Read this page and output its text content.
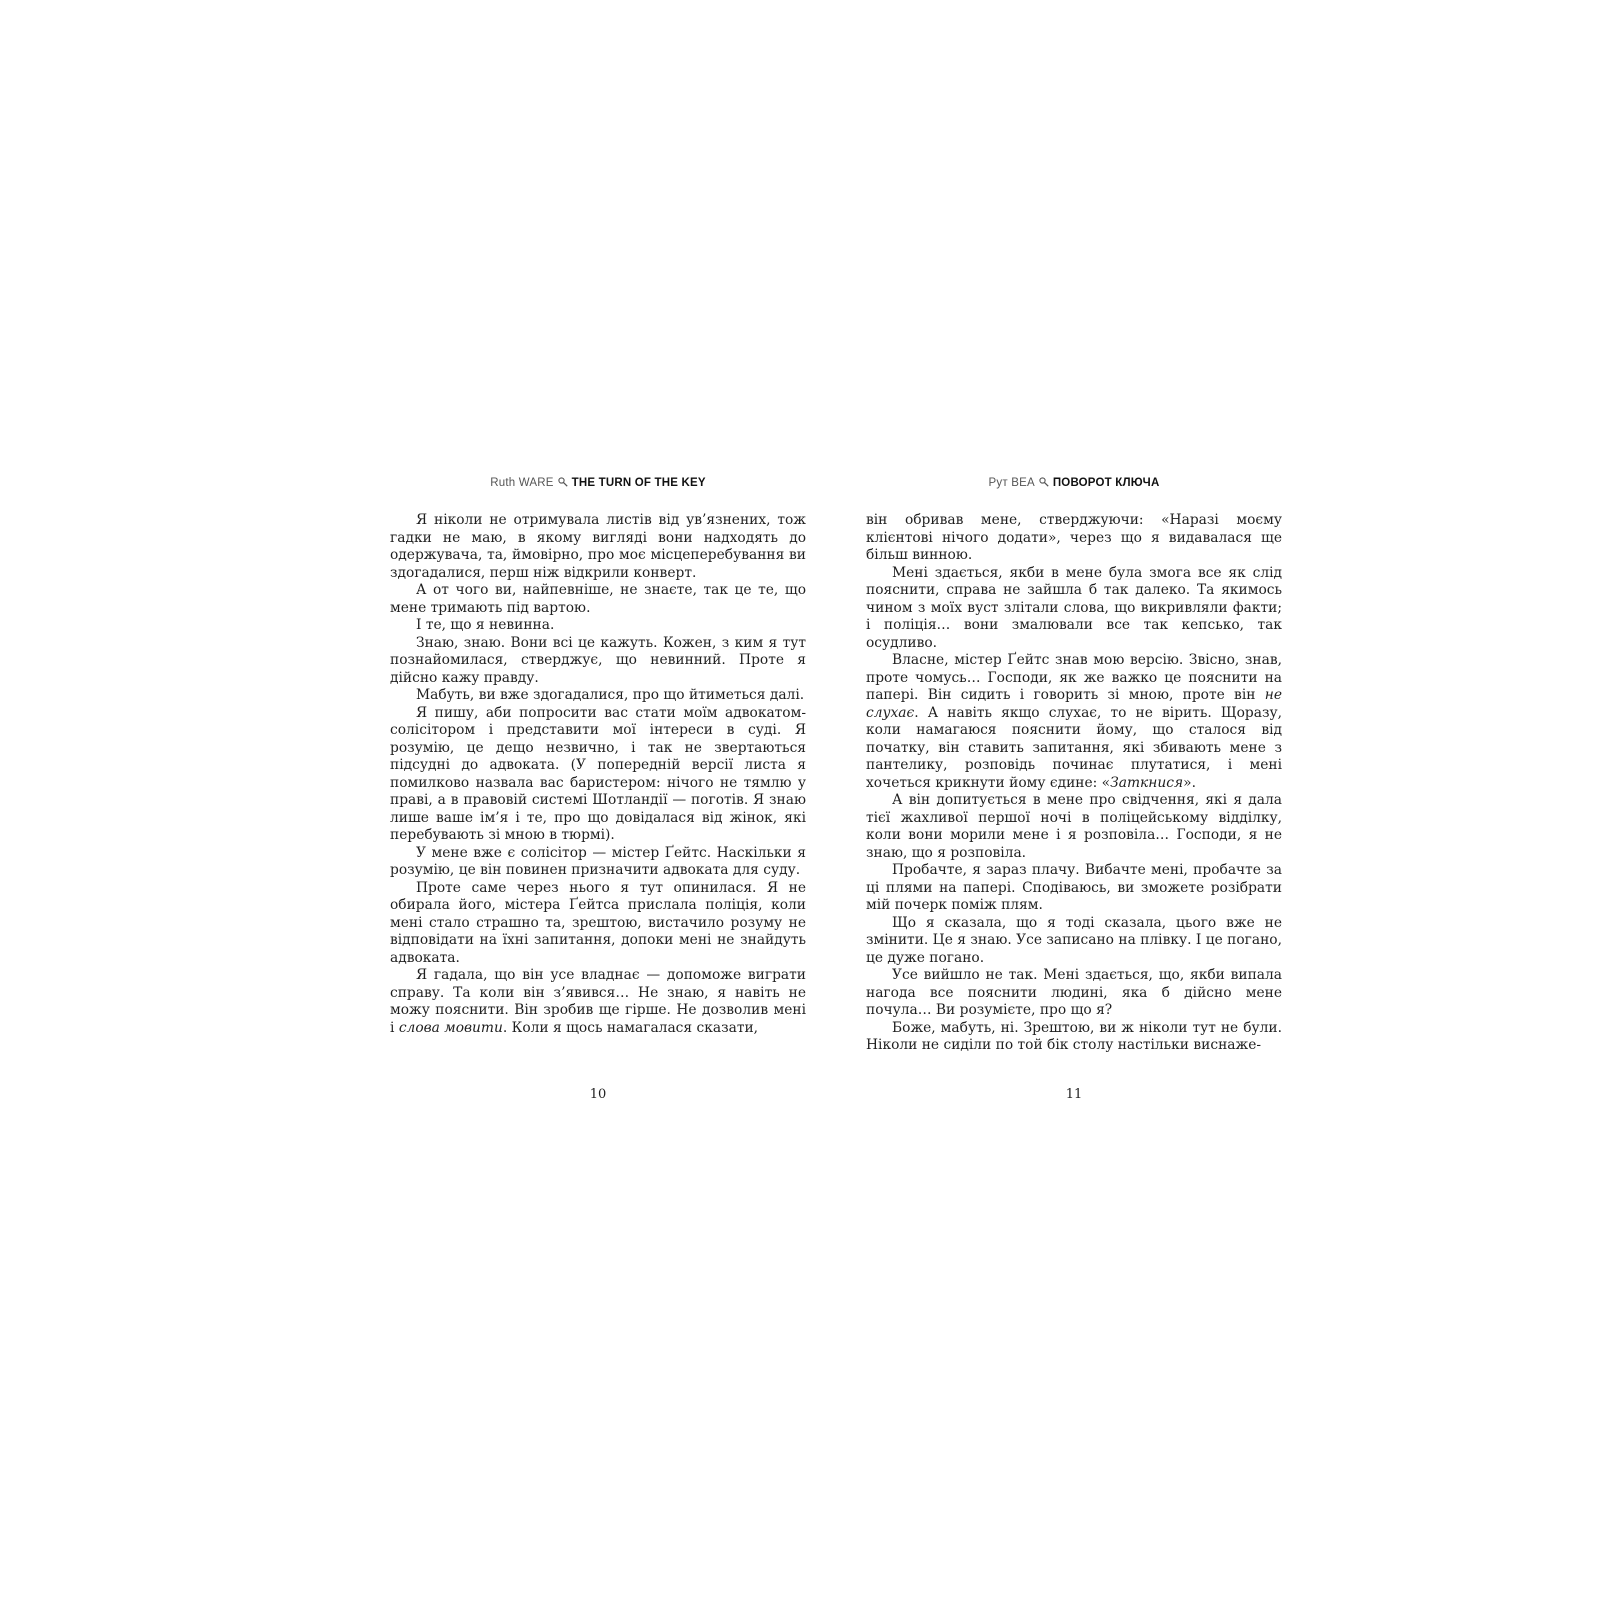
Ruth WARE THE TURN OF THE KEY

Я ніколи не отримувала листів від ув’язнених, тож гадки не маю, в якому вигляді вони надходять до одержувача, та, ймовірно, про моє місцеперебування ви здогадалися, перш ніж відкрили конверт.

А от чого ви, найпевніше, не знаєте, так це те, що мене тримають під вартою.

І те, що я невинна.

Знаю, знаю. Вони всі це кажуть. Кожен, з ким я тут познайомилася, стверджує, що невинний. Проте я дійсно кажу правду.

Мабуть, ви вже здогадалися, про що йтиметься далі.

Я пишу, аби попросити вас стати моїм адвокатом-солісітором і представити мої інтереси в суді. Я розумію, це дещо незвично, і так не звертаються підсудні до адвоката. (У попередній версії листа я помилково назвала вас баристером: нічого не тямлю у праві, а в правовій системі Шотландії — поготів. Я знаю лише ваше ім’я і те, про що довідалася від жінок, які перебувають зі мною в тюрмі).

У мене вже є солісітор — містер Ґейтс. Наскільки я розумію, це він повинен призначити адвоката для суду.

Проте саме через нього я тут опинилася. Я не обирала його, містера Ґейтса прислала поліція, коли мені стало страшно та, зрештою, вистачило розуму не відповідати на їхні запитання, допоки мені не знайдуть адвоката.

Я гадала, що він усе владнає — допоможе виграти справу. Та коли він з’явився… Не знаю, я навіть не можу пояснити. Він зробив ще гірше. Не дозволив мені і слова мовити. Коли я щось намагалася сказати,

10
Рут ВЕА ПОВОРОТ КЛЮЧА

він обривав мене, стверджуючи: «Наразі моєму клієнтові нічого додати», через що я видавалася ще більш винною.

Мені здається, якби в мене була змога все як слід пояснити, справа не зайшла б так далеко. Та якимось чином з моїх вуст злітали слова, що викривляли факти; і поліція… вони змалювали все так кепсько, так осудливо.

Власне, містер Ґейтс знав мою версію. Звісно, знав, проте чомусь… Господи, як же важко це пояснити на папері. Він сидить і говорить зі мною, проте він не слухає. А навіть якщо слухає, то не вірить. Щоразу, коли намагаюся пояснити йому, що сталося від початку, він ставить запитання, які збивають мене з пантелику, розповідь починає плутатися, і мені хочеться крикнути йому єдине: «Заткнися».

А він допитується в мене про свідчення, які я дала тієї жахливої першої ночі в поліцейському відділку, коли вони морили мене і я розповіла… Господи, я не знаю, що я розповіла.

Пробачте, я зараз плачу. Вибачте мені, пробачте за ці плями на папері. Сподіваюсь, ви зможете розібрати мій почерк поміж плям.

Що я сказала, що я тоді сказала, цього вже не змінити. Це я знаю. Усе записано на плівку. І це погано, це дуже погано.

Усе вийшло не так. Мені здається, що, якби випала нагода все пояснити людині, яка б дійсно мене почула… Ви розумієте, про що я?

Боже, мабуть, ні. Зрештою, ви ж ніколи тут не були. Ніколи не сиділи по той бік столу настільки виснаже-

11
